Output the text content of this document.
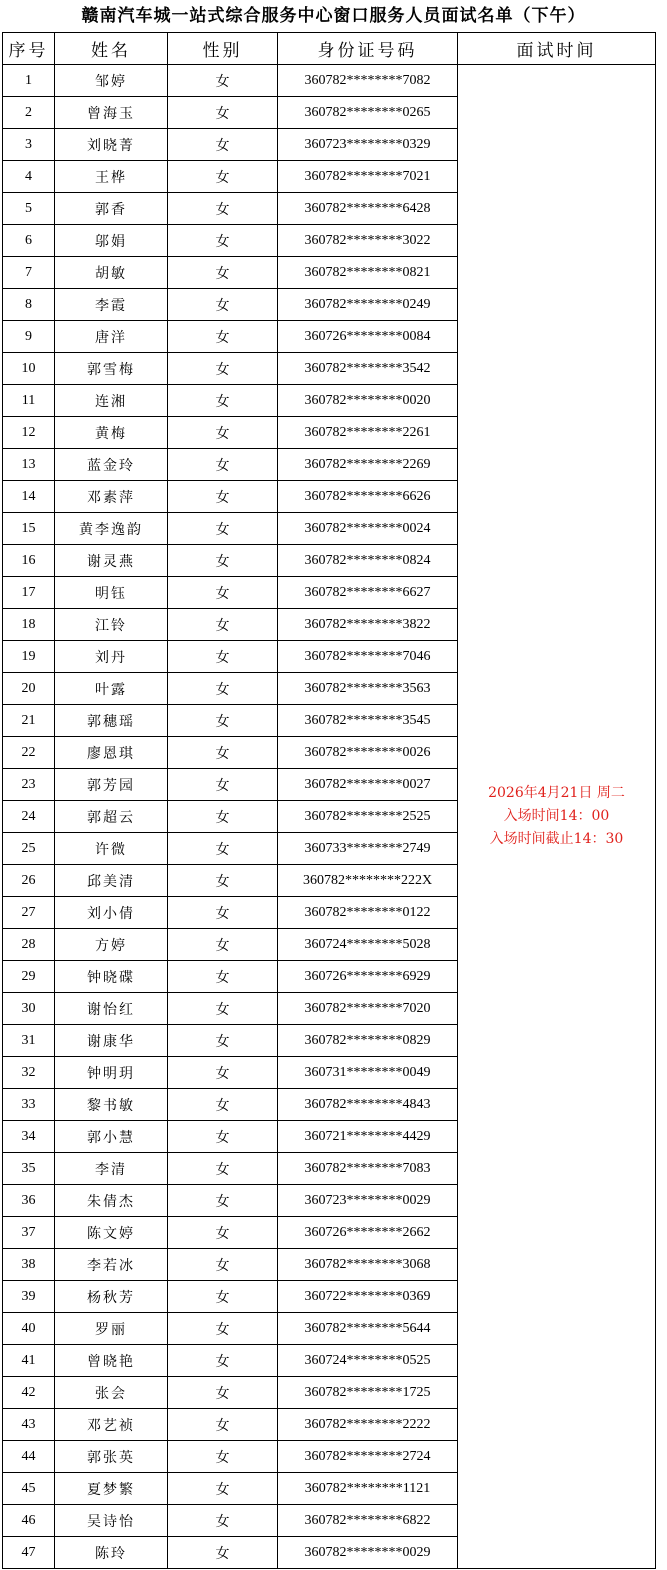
赣南汽车城一站式综合服务中心窗口服务人员面试名单（下午）
序号	姓名	性别	身份证号码	面试时间
1	邹婷	女	360782********7082	2026年4月21日 周二
入场时间14：00
入场时间截止14：30

2	曾海玉	女	360782********0265	
3	刘晓菁	女	360723********0329	
4	王桦	女	360782********7021	
5	郭香	女	360782********6428	
6	邬娟	女	360782********3022	
7	胡敏	女	360782********0821	
8	李霞	女	360782********0249	
9	唐洋	女	360726********0084	
10	郭雪梅	女	360782********3542	
11	连湘	女	360782********0020	
12	黄梅	女	360782********2261	
13	蓝金玲	女	360782********2269	
14	邓素萍	女	360782********6626	
15	黄李逸韵	女	360782********0024	
16	谢灵燕	女	360782********0824	
17	明钰	女	360782********6627	
18	江铃	女	360782********3822	
19	刘丹	女	360782********7046	
20	叶露	女	360782********3563	
21	郭穗瑶	女	360782********3545	
22	廖恩琪	女	360782********0026	
23	郭芳园	女	360782********0027	
24	郭超云	女	360782********2525	
25	许微	女	360733********2749	
26	邱美清	女	360782********222X	
27	刘小倩	女	360782********0122	
28	方婷	女	360724********5028	
29	钟晓碟	女	360726********6929	
30	谢怡红	女	360782********7020	
31	谢康华	女	360782********0829	
32	钟明玥	女	360731********0049	
33	黎书敏	女	360782********4843	
34	郭小慧	女	360721********4429	
35	李清	女	360782********7083	
36	朱倩杰	女	360723********0029	
37	陈文婷	女	360726********2662	
38	李若冰	女	360782********3068	
39	杨秋芳	女	360722********0369	
40	罗丽	女	360782********5644	
41	曾晓艳	女	360724********0525	
42	张会	女	360782********1725	
43	邓艺祯	女	360782********2222	
44	郭张英	女	360782********2724	
45	夏梦繁	女	360782********1121	
46	吴诗怡	女	360782********6822	
47	陈玲	女	360782********0029	
